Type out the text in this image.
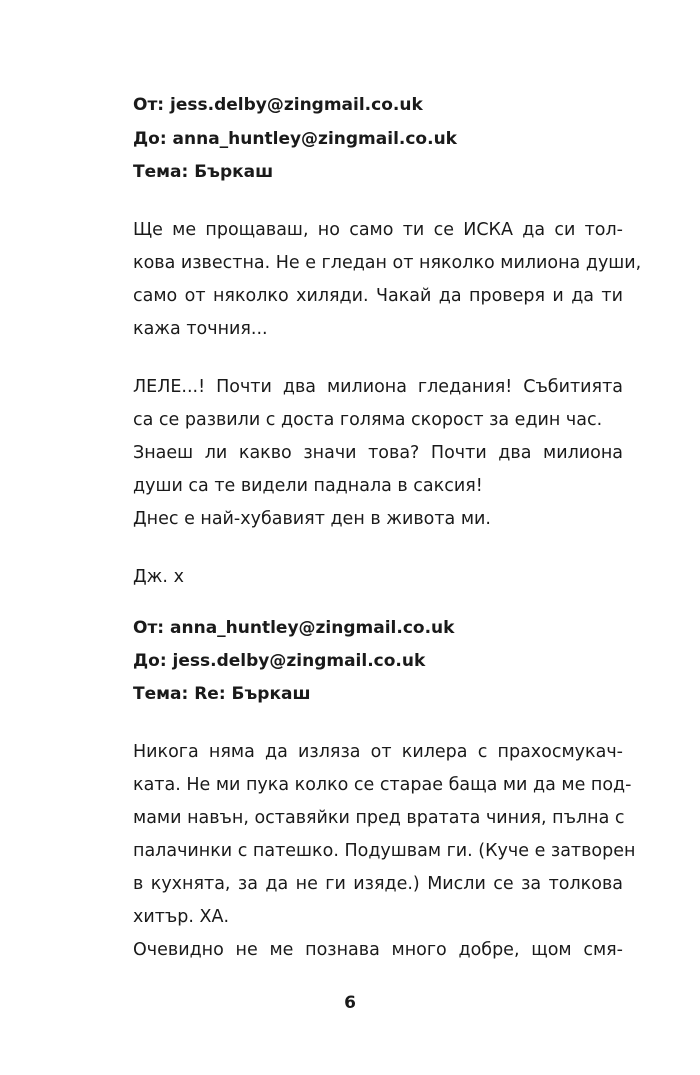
От: jess.delby@zingmail.co.uk
До: anna_huntley@zingmail.co.uk
Тема: Бъркаш
Ще ме прощаваш, но само ти се ИСКА да си тол-
кова известна. Не е гледан от няколко милиона души,
само от няколко хиляди. Чакай да проверя и да ти
кажа точния...
ЛЕЛЕ...! Почти два милиона гледания! Събитията
са се развили с доста голяма скорост за един час.
Знаеш ли какво значи това? Почти два милиона
души са те видели паднала в саксия!
Днес е най-хубавият ден в живота ми.
Дж. х
От: anna_huntley@zingmail.co.uk
До: jess.delby@zingmail.co.uk
Тема: Re: Бъркаш
Никога няма да изляза от килера с прахосмукач-
ката. Не ми пука колко се старае баща ми да ме под-
мами навън, оставяйки пред вратата чиния, пълна с
палачинки с патешко. Подушвам ги. (Куче е затворен
в кухнята, за да не ги изяде.) Мисли се за толкова
хитър. ХА.
Очевидно не ме познава много добре, щом смя-
6
